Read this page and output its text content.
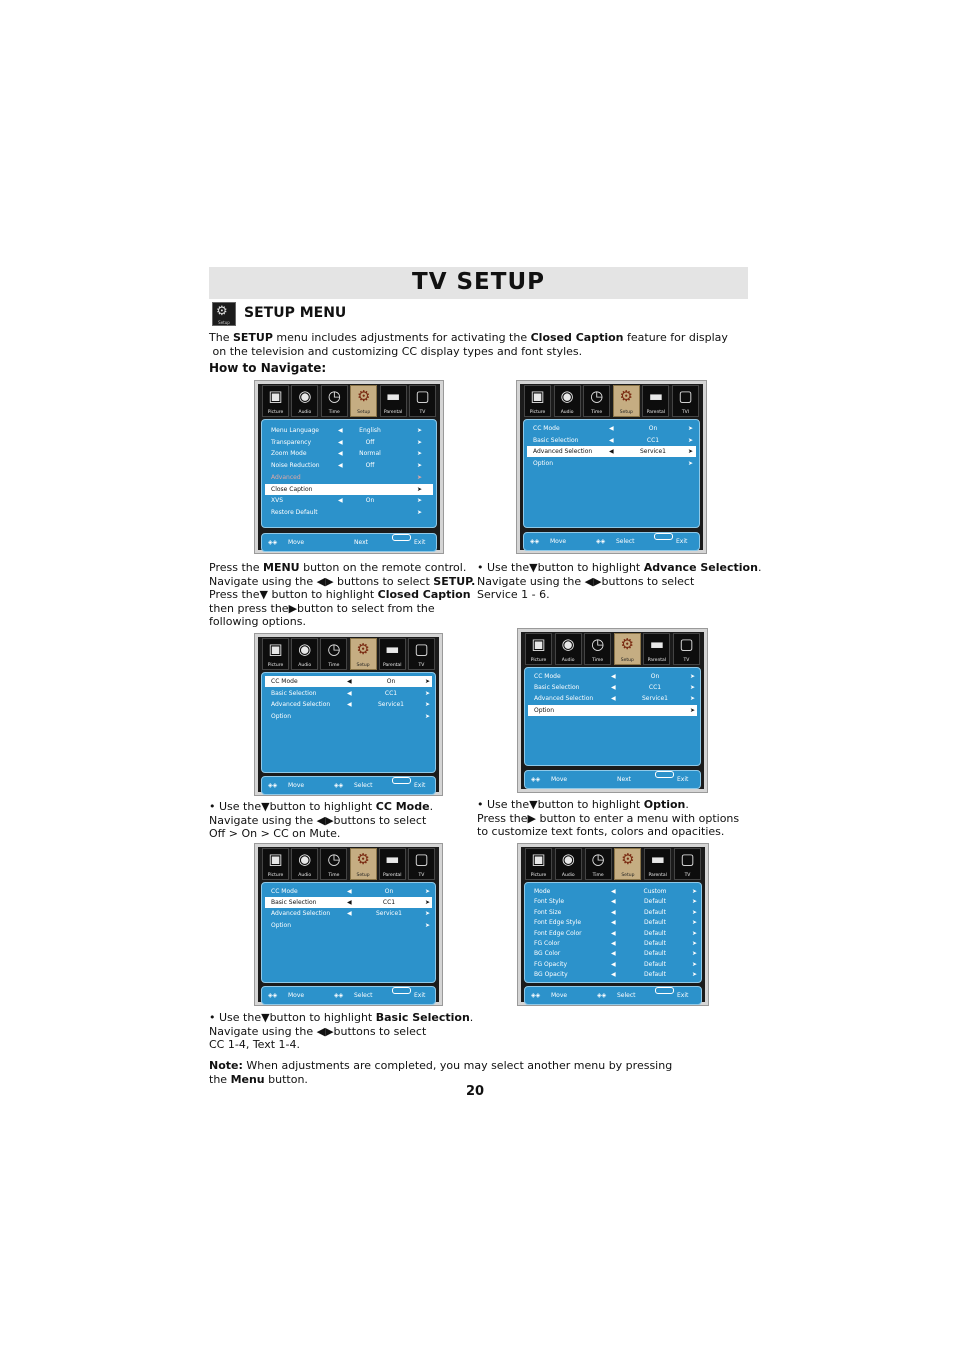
TV SETUP
⚙
Setup
SETUP MENU
The SETUP menu includes adjustments for activating the Closed Caption feature for display
on the television and customizing CC display types and font styles.
How to Navigate:
▣
Picture
◉
Audio
◷
Time
⚙
Setup
▬
Parental
▢
TV
Menu Language	◀	English	➤
Transparency	◀	Off	➤
Zoom Mode	◀	Normal	➤
Noise Reduction	◀	Off	➤
Advanced	➤
Close Caption	➤
XVS	◀	On	➤
Restore Default	➤
◈◈ Move	Next	Exit
▣
Picture
◉
Audio
◷
Time
⚙
Setup
▬
Parental
▢
TVl
CC Mode	◀	On	➤
Basic Selection	◀	CC1	➤
Advanced Selection	◀	Service1	➤
Option	➤
◈◈ Move	◈◈ Select	Exit
Press the MENU button on the remote control.
Navigate using the ◀▶ buttons to select SETUP.
Press the▼ button to highlight Closed Caption
then press the▶button to select from the
following options.
• Use the▼button to highlight Advance Selection.
Navigate using the ◀▶buttons to select
Service 1 - 6.
▣
Picture
◉
Audio
◷
Time
⚙
Setup
▬
Parental
▢
TV
CC Mode	◀	On	➤
Basic Selection	◀	CC1	➤
Advanced Selection	◀	Service1	➤
Option	➤
◈◈ Move	◈◈ Select	Exit
▣
Picture
◉
Audio
◷
Time
⚙
Setup
▬
Parental
▢
TV
CC Mode	◀	On	➤
Basic Selection	◀	CC1	➤
Advanced Selection	◀	Service1	➤
Option	➤
◈◈ Move	Next	Exit
• Use the▼button to highlight CC Mode.
Navigate using the ◀▶buttons to select
Off > On > CC on Mute.
• Use the▼button to highlight Option.
Press the▶ button to enter a menu with options
to customize text fonts, colors and opacities.
▣
Picture
◉
Audio
◷
Time
⚙
Setup
▬
Parental
▢
TV
CC Mode	◀	On	➤
Basic Selection	◀	CC1	➤
Advanced Selection	◀	Service1	➤
Option	➤
◈◈ Move	◈◈ Select	Exit
▣
Picture
◉
Audio
◷
Time
⚙
Setup
▬
Parental
▢
TV
Mode	◀	Custom	➤
Font Style	◀	Default	➤
Font Size	◀	Default	➤
Font Edge Style	◀	Default	➤
Font Edge Color	◀	Default	➤
FG Color	◀	Default	➤
BG Color	◀	Default	➤
FG Opacity	◀	Default	➤
BG Opacity	◀	Default	➤
◈◈ Move	◈◈ Select	Exit
• Use the▼button to highlight Basic Selection.
Navigate using the ◀▶buttons to select
CC 1-4, Text 1-4.
Note: When adjustments are completed, you may select another menu by pressing
the Menu button.
20
